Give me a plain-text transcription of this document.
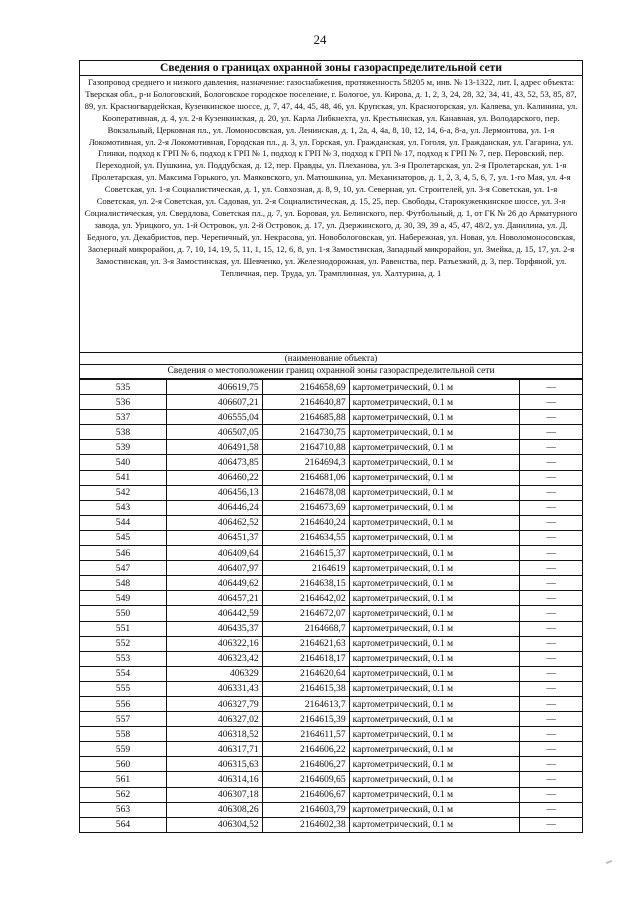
24
Сведения о границах охранной зоны газораспределительной сети
Газопровод среднего и низкого давления, назначение: газоснабжения, протяженность 58205 м, инв. № 13-1322, лит. I, адрес объекта: Тверская обл., р-н Бологовский, Бологовское городское поселение, г. Бологое, ул. Кирова, д. 1, 2, 3, 24, 28, 32, 34, 41, 43, 52, 53, 85, 87, 89, ул. Красногвардейская, Кузенкинское шоссе, д. 7, 47, 44, 45, 48, 46, ул. Крупская, ул. Красногорская, ул. Каляева, ул. Калинина, ул. Кооперативная, д. 4, ул. 2-я Кузенкинская, д. 20, ул. Карла Либкнехта, ул. Крестьянская, ул. Канавная, ул. Володарского, пер. Вокзальный, Церковная пл., ул. Ломоносовская, ул. Ленинская, д. 1, 2а, 4, 4а, 8, 10, 12, 14, 6-а, 8-а, ул. Лермонтова, ул. 1-я Локомотивная, ул. 2-я Локомотивная, Городская пл., д. 3, ул. Горская, ул. Гражданская, ул. Гоголя, ул. Гражданская, ул. Гагарина, ул. Глинки, подход к ГРП № 6, подход к ГРП № 1, подход к ГРП № 3, подход к ГРП № 17, подход к ГРП № 7, пер. Перовский, пер. Переходной, ул. Пушкина, ул. Поддубская, д. 12, пер. Правды, ул. Плеханова, ул. 3-я Пролетарская, ул. 2-я Пролетарская, ул. 1-я Пролетарская, ул. Максима Горького, ул. Маяковского, ул. Матюшкина, ул. Механизаторов, д. 1, 2, 3, 4, 5, 6, 7, ул. 1-го Мая, ул. 4-я Советская, ул. 1-я Социалистическая, д. 1, ул. Совхозная, д. 8, 9, 10, ул. Северная, ул. Строителей, ул. 3-я Советская, ул. 1-я Советская, ул. 2-я Советская, ул. Садовая, ул. 2-я Социалистическая, д. 15, 25, пер. Свободы, Старокуженкинское шоссе, ул. 3-я Социалистическая, ул. Свердлова, Советская пл., д. 7, ул. Боровая, ул. Белинского, пер. Футбольный, д. 1, от ГК № 26 до Арматурного завода, ул. Урицкого, ул. 1-й Островок, ул. 2-й Островок, д. 17, ул. Дзержинского, д. 30, 39, 39 а, 45, 47, 48/2, ул. Данилина, ул. Д. Бедного, ул. Декабристов, пер. Черепичный, ул. Некрасова, ул. Новобологовская, ул. Набережная, ул. Новая, ул. Новоломоносовская, Заозерный микрорайон, д. 7, 10, 14, 19, 5, 11, 1, 15, 12, 6, 8, ул. 1-я Замостинская, Западный микрорайон, ул. Змейка, д. 15, 17, ул. 2-я Замостинская, ул. 3-я Замостинская, ул. Шевченко, ул. Железнодорожная, ул. Равенства, пер. Разъезжий, д. 3, пер. Торфяной, ул. Тепличная, пер. Труда, ул. Трамплинная, ул. Халтурина, д. 1
(наименование объекта)
Сведения о местоположении границ охранной зоны газораспределительной сети
535	406619,75	2164658,69	картометрический, 0.1 м	—
536	406607,21	2164640,87	картометрический, 0.1 м	—
537	406555,04	2164685,88	картометрический, 0.1 м	—
538	406507,05	2164730,75	картометрический, 0.1 м	—
539	406491,58	2164710,88	картометрический, 0.1 м	—
540	406473,85	2164694,3	картометрический, 0.1 м	—
541	406460,22	2164681,06	картометрический, 0.1 м	—
542	406456,13	2164678,08	картометрический, 0.1 м	—
543	406446,24	2164673,69	картометрический, 0.1 м	—
544	406462,52	2164640,24	картометрический, 0.1 м	—
545	406451,37	2164634,55	картометрический, 0.1 м	—
546	406409,64	2164615,37	картометрический, 0.1 м	—
547	406407,97	2164619	картометрический, 0.1 м	—
548	406449,62	2164638,15	картометрический, 0.1 м	—
549	406457,21	2164642,02	картометрический, 0.1 м	—
550	406442,59	2164672,07	картометрический, 0.1 м	—
551	406435,37	2164668,7	картометрический, 0.1 м	—
552	406322,16	2164621,63	картометрический, 0.1 м	—
553	406323,42	2164618,17	картометрический, 0.1 м	—
554	406329	2164620,64	картометрический, 0.1 м	—
555	406331,43	2164615,38	картометрический, 0.1 м	—
556	406327,79	2164613,7	картометрический, 0.1 м	—
557	406327,02	2164615,39	картометрический, 0.1 м	—
558	406318,52	2164611,57	картометрический, 0.1 м	—
559	406317,71	2164606,22	картометрический, 0.1 м	—
560	406315,63	2164606,27	картометрический, 0.1 м	—
561	406314,16	2164609,65	картометрический, 0.1 м	—
562	406307,18	2164606,67	картометрический, 0.1 м	—
563	406308,26	2164603,79	картометрический, 0.1 м	—
564	406304,52	2164602,38	картометрический, 0.1 м	—
